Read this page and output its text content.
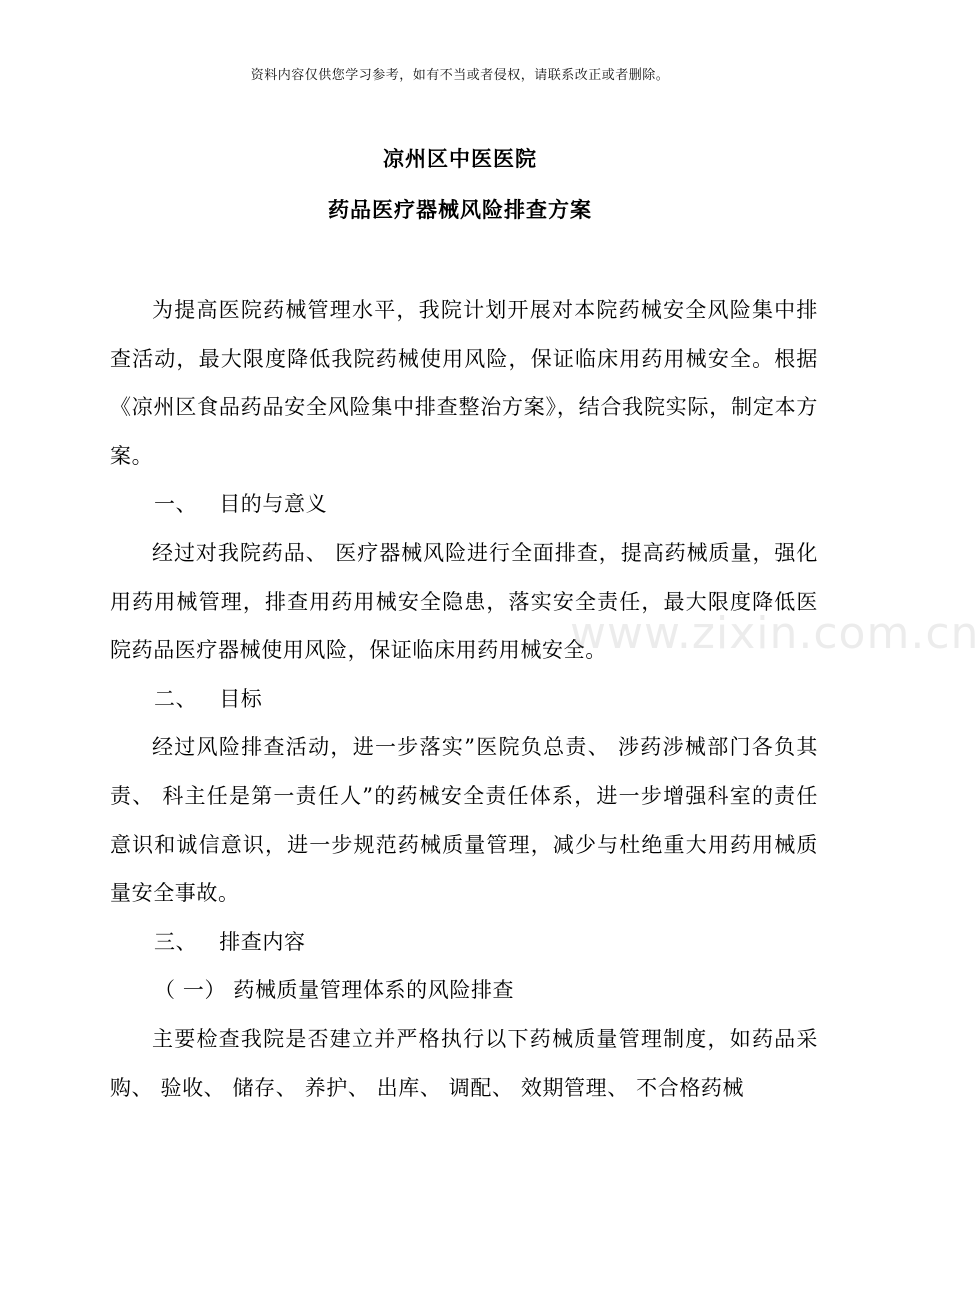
资料内容仅供您学习参考，如有不当或者侵权，请联系改正或者删除。
凉州区中医医院
药品医疗器械风险排查方案

为提高医院药械管理水平，我院计划开展对本院药械安全风险集中排查活动，最大限度降低我院药械使用风险，保证临床用药用械安全。根据《凉州区食品药品安全风险集中排查整治方案》，结合我院实际，制定本方案。

一、 目的与意义

经过对我院药品、 医疗器械风险进行全面排查，提高药械质量，强化用药用械管理，排查用药用械安全隐患，落实安全责任，最大限度降低医院药品医疗器械使用风险，保证临床用药用械安全。

二、 目标

经过风险排查活动，进一步落实”医院负总责、 涉药涉械部门各负其责、 科主任是第一责任人”的药械安全责任体系，进一步增强科室的责任意识和诚信意识，进一步规范药械质量管理，减少与杜绝重大用药用械质量安全事故。

三、 排查内容

（ 一） 药械质量管理体系的风险排查

主要检查我院是否建立并严格执行以下药械质量管理制度，如药品采购、 验收、 储存、 养护、 出库、 调配、 效期管理、 不合格药械

www.zixin.com.cn
